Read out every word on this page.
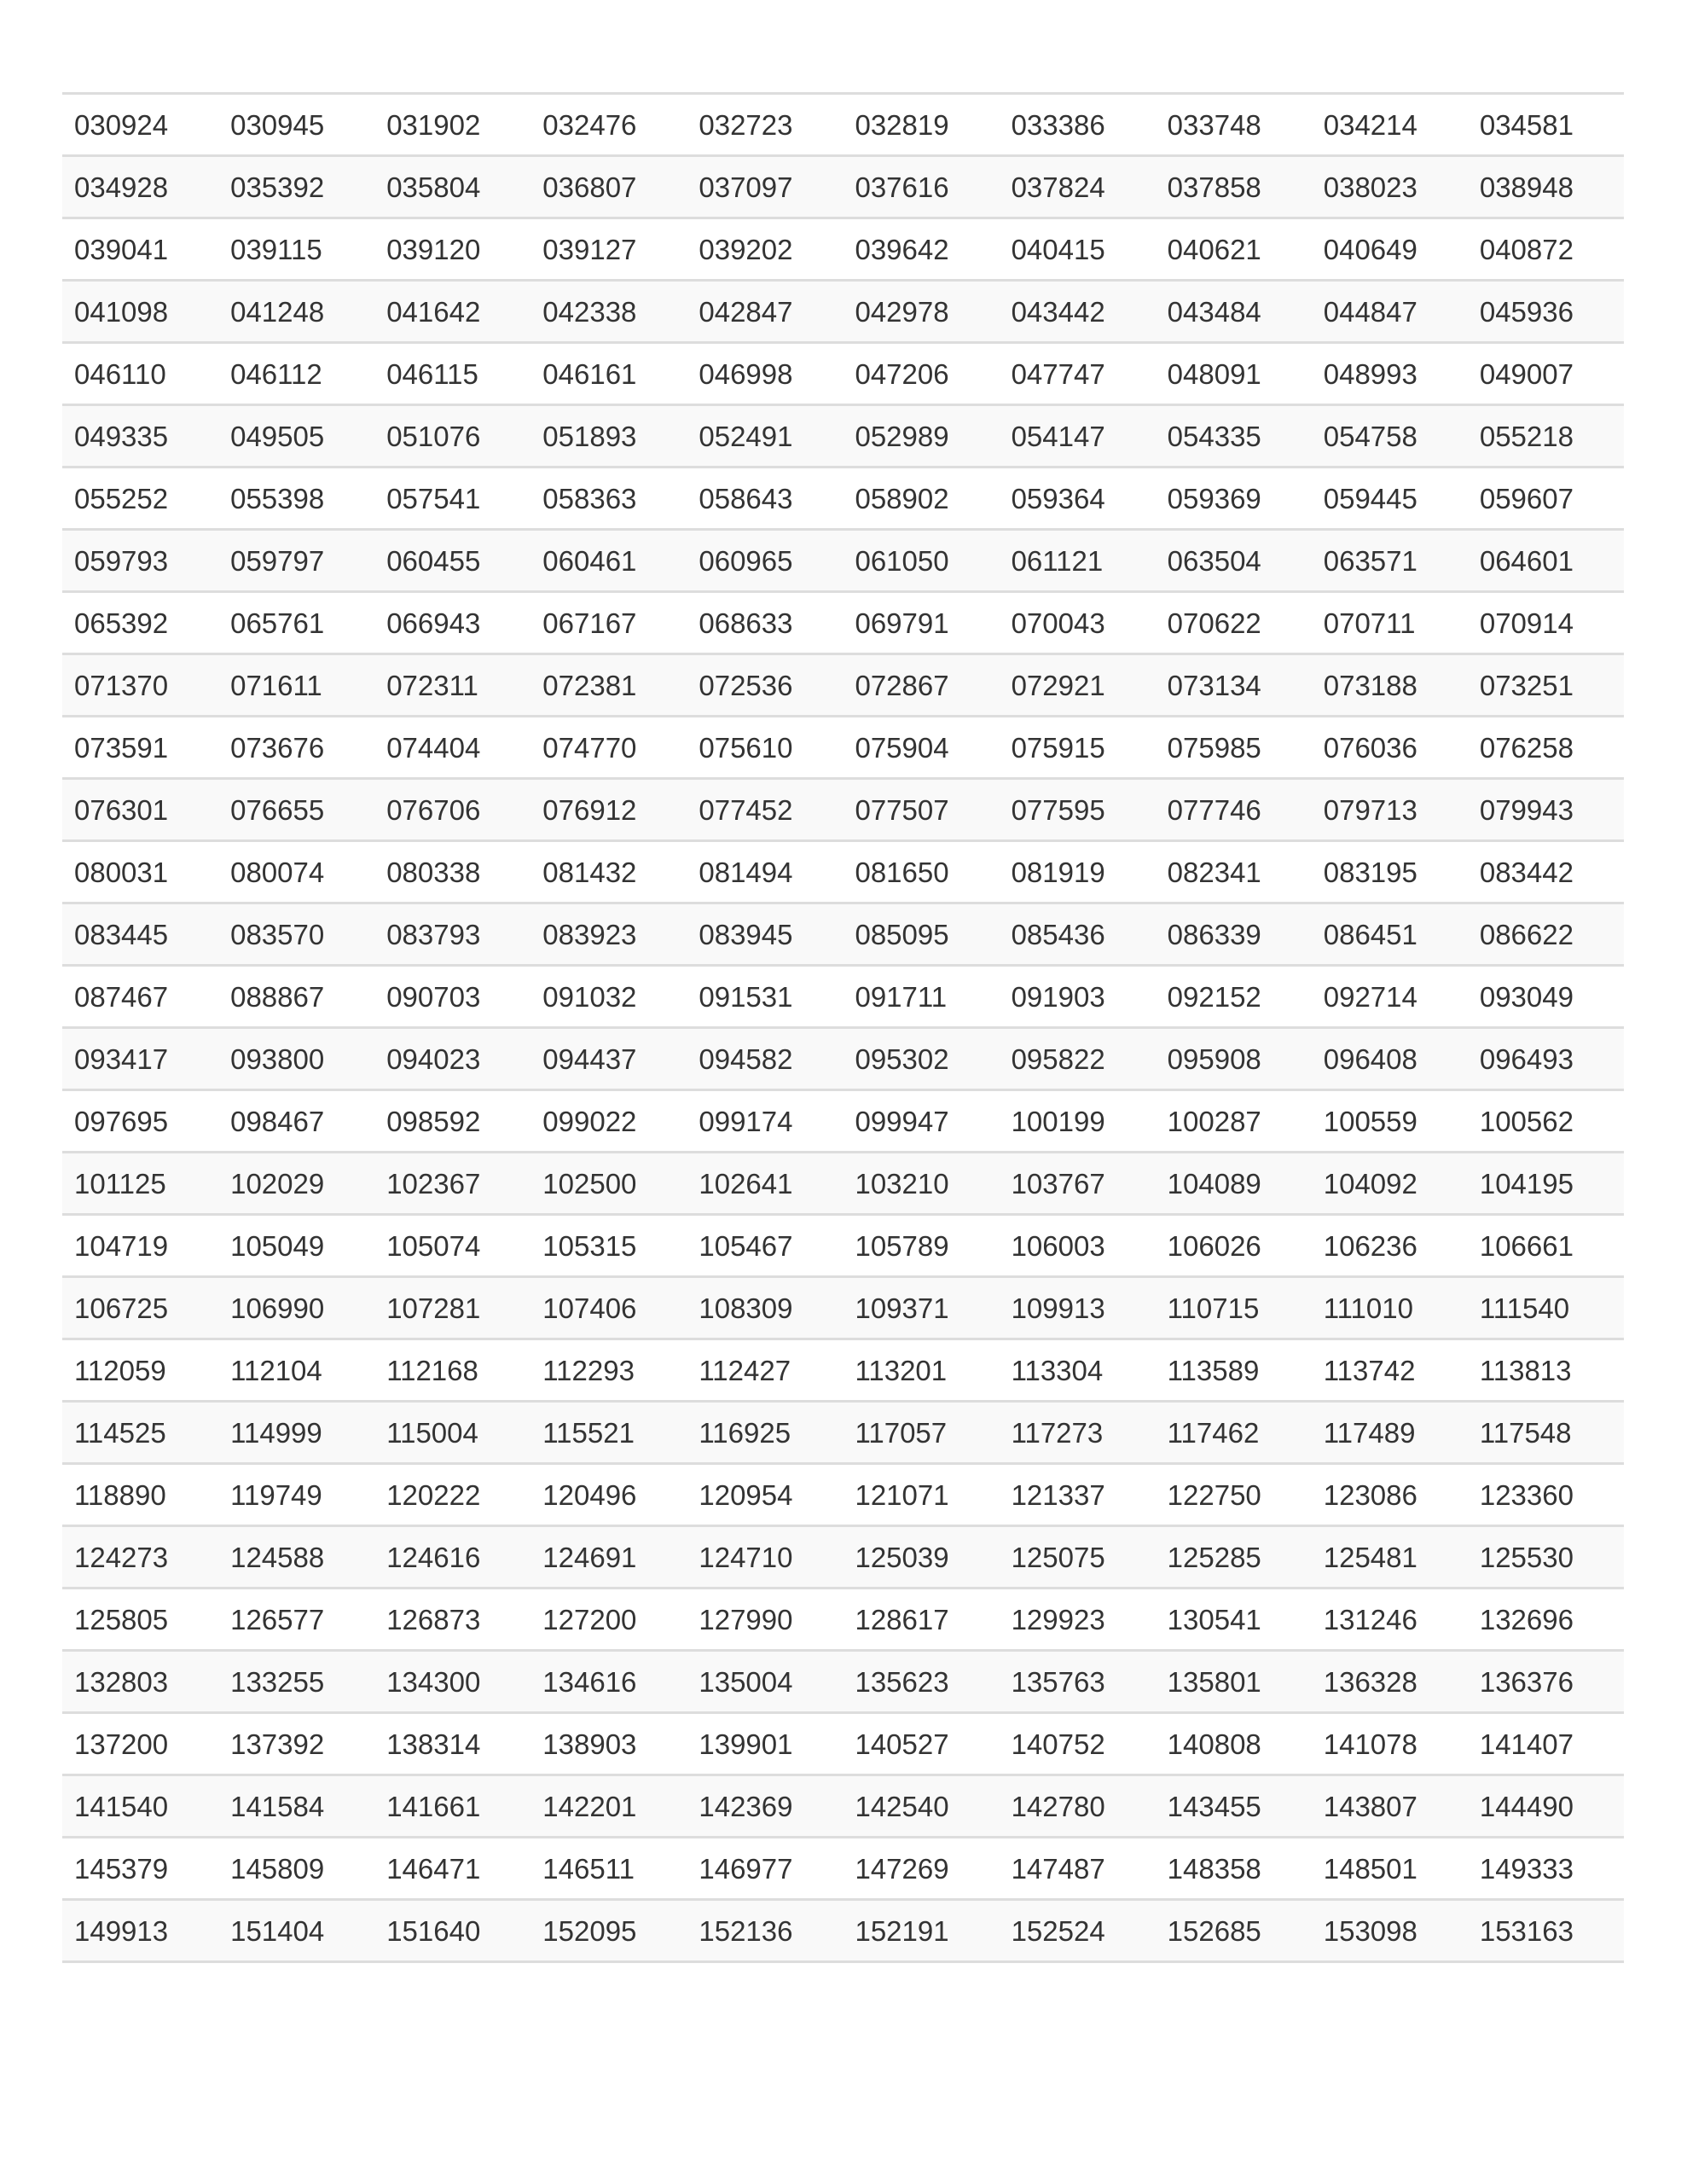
030924	030945	031902	032476	032723	032819	033386	033748	034214	034581
034928	035392	035804	036807	037097	037616	037824	037858	038023	038948
039041	039115	039120	039127	039202	039642	040415	040621	040649	040872
041098	041248	041642	042338	042847	042978	043442	043484	044847	045936
046110	046112	046115	046161	046998	047206	047747	048091	048993	049007
049335	049505	051076	051893	052491	052989	054147	054335	054758	055218
055252	055398	057541	058363	058643	058902	059364	059369	059445	059607
059793	059797	060455	060461	060965	061050	061121	063504	063571	064601
065392	065761	066943	067167	068633	069791	070043	070622	070711	070914
071370	071611	072311	072381	072536	072867	072921	073134	073188	073251
073591	073676	074404	074770	075610	075904	075915	075985	076036	076258
076301	076655	076706	076912	077452	077507	077595	077746	079713	079943
080031	080074	080338	081432	081494	081650	081919	082341	083195	083442
083445	083570	083793	083923	083945	085095	085436	086339	086451	086622
087467	088867	090703	091032	091531	091711	091903	092152	092714	093049
093417	093800	094023	094437	094582	095302	095822	095908	096408	096493
097695	098467	098592	099022	099174	099947	100199	100287	100559	100562
101125	102029	102367	102500	102641	103210	103767	104089	104092	104195
104719	105049	105074	105315	105467	105789	106003	106026	106236	106661
106725	106990	107281	107406	108309	109371	109913	110715	111010	111540
112059	112104	112168	112293	112427	113201	113304	113589	113742	113813
114525	114999	115004	115521	116925	117057	117273	117462	117489	117548
118890	119749	120222	120496	120954	121071	121337	122750	123086	123360
124273	124588	124616	124691	124710	125039	125075	125285	125481	125530
125805	126577	126873	127200	127990	128617	129923	130541	131246	132696
132803	133255	134300	134616	135004	135623	135763	135801	136328	136376
137200	137392	138314	138903	139901	140527	140752	140808	141078	141407
141540	141584	141661	142201	142369	142540	142780	143455	143807	144490
145379	145809	146471	146511	146977	147269	147487	148358	148501	149333
149913	151404	151640	152095	152136	152191	152524	152685	153098	153163
